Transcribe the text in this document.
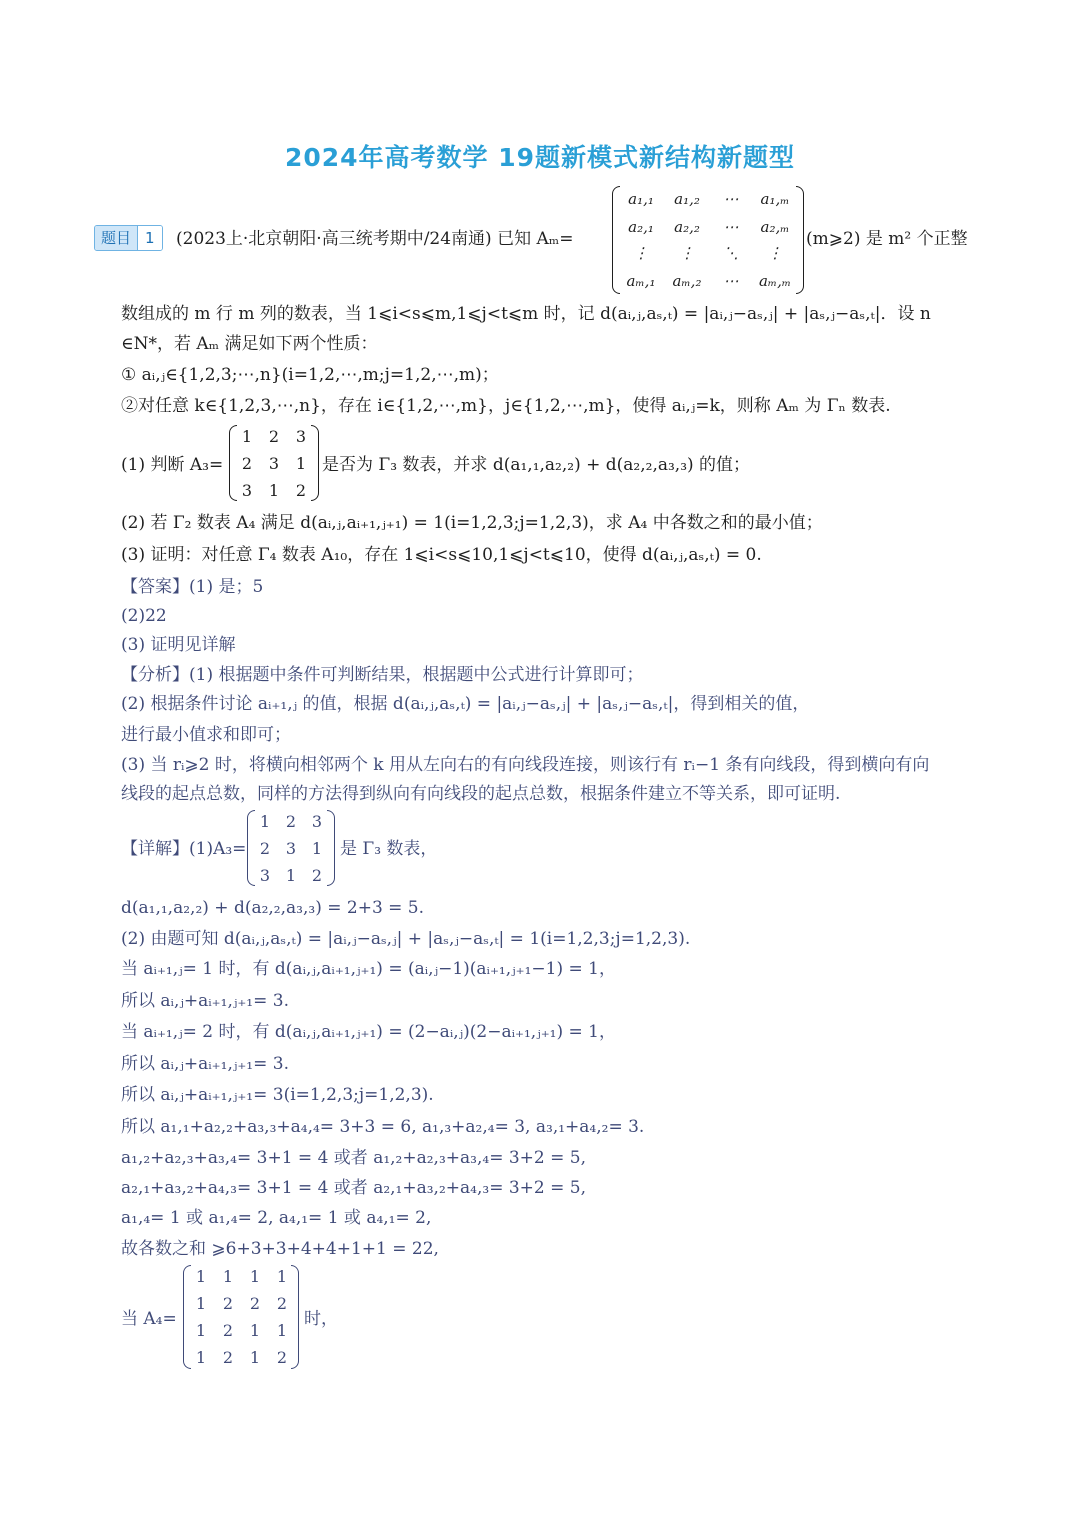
2024年高考数学 19题新模式新结构新题型
题目 1	(2023上·北京朝阳·高三统考期中/24南通) 已知 Aₘ=
a₁,₁	a₁,₂	⋯	a₁,ₘ
a₂,₁	a₂,₂	⋯	a₂,ₘ
⋮	⋮	⋱	⋮
aₘ,₁	aₘ,₂	⋯	aₘ,ₘ
(m⩾2) 是 m² 个正整
数组成的 m 行 m 列的数表，当 1⩽i<s⩽m,1⩽j<t⩽m 时，记 d(aᵢ,ⱼ,aₛ,ₜ) = |aᵢ,ⱼ−aₛ,ⱼ| + |aₛ,ⱼ−aₛ,ₜ|．设 n
∈N*，若 Aₘ 满足如下两个性质：
① aᵢ,ⱼ∈{1,2,3;⋯,n}(i=1,2,⋯,m;j=1,2,⋯,m)；
②对任意 k∈{1,2,3,⋯,n}，存在 i∈{1,2,⋯,m}，j∈{1,2,⋯,m}，使得 aᵢ,ⱼ=k，则称 Aₘ 为 Γₙ 数表.
(1) 判断 A₃=
1	2	3
2	3	1
3	1	2
是否为 Γ₃ 数表，并求 d(a₁,₁,a₂,₂) + d(a₂,₂,a₃,₃) 的值；
(2) 若 Γ₂ 数表 A₄ 满足 d(aᵢ,ⱼ,aᵢ₊₁,ⱼ₊₁) = 1(i=1,2,3;j=1,2,3)，求 A₄ 中各数之和的最小值；
(3) 证明：对任意 Γ₄ 数表 A₁₀，存在 1⩽i<s⩽10,1⩽j<t⩽10，使得 d(aᵢ,ⱼ,aₛ,ₜ) = 0.
【答案】(1) 是；5
(2)22
(3) 证明见详解
【分析】(1) 根据题中条件可判断结果，根据题中公式进行计算即可；
(2) 根据条件讨论 aᵢ₊₁,ⱼ 的值，根据 d(aᵢ,ⱼ,aₛ,ₜ) = |aᵢ,ⱼ−aₛ,ⱼ| + |aₛ,ⱼ−aₛ,ₜ|，得到相关的值，
进行最小值求和即可；
(3) 当 rᵢ⩾2 时，将横向相邻两个 k 用从左向右的有向线段连接，则该行有 rᵢ−1 条有向线段，得到横向有向
线段的起点总数，同样的方法得到纵向有向线段的起点总数，根据条件建立不等关系，即可证明.
【详解】(1)A₃=
1 2 3
2 3 1
3 1 2
是 Γ₃ 数表，
d(a₁,₁,a₂,₂) + d(a₂,₂,a₃,₃) = 2+3 = 5.
(2) 由题可知 d(aᵢ,ⱼ,aₛ,ₜ) = |aᵢ,ⱼ−aₛ,ⱼ| + |aₛ,ⱼ−aₛ,ₜ| = 1(i=1,2,3;j=1,2,3).
当 aᵢ₊₁,ⱼ= 1 时，有 d(aᵢ,ⱼ,aᵢ₊₁,ⱼ₊₁) = (aᵢ,ⱼ−1)(aᵢ₊₁,ⱼ₊₁−1) = 1，
所以 aᵢ,ⱼ+aᵢ₊₁,ⱼ₊₁= 3.
当 aᵢ₊₁,ⱼ= 2 时，有 d(aᵢ,ⱼ,aᵢ₊₁,ⱼ₊₁) = (2−aᵢ,ⱼ)(2−aᵢ₊₁,ⱼ₊₁) = 1，
所以 aᵢ,ⱼ+aᵢ₊₁,ⱼ₊₁= 3.
所以 aᵢ,ⱼ+aᵢ₊₁,ⱼ₊₁= 3(i=1,2,3;j=1,2,3).
所以 a₁,₁+a₂,₂+a₃,₃+a₄,₄= 3+3 = 6, a₁,₃+a₂,₄= 3, a₃,₁+a₄,₂= 3.
a₁,₂+a₂,₃+a₃,₄= 3+1 = 4 或者 a₁,₂+a₂,₃+a₃,₄= 3+2 = 5,
a₂,₁+a₃,₂+a₄,₃= 3+1 = 4 或者 a₂,₁+a₃,₂+a₄,₃= 3+2 = 5,
a₁,₄= 1 或 a₁,₄= 2, a₄,₁= 1 或 a₄,₁= 2,
故各数之和 ⩾6+3+3+4+4+1+1 = 22,
当 A₄=
1	1	1	1
1	2	2	2
1	2	1	1
1	2	1	2
时，
